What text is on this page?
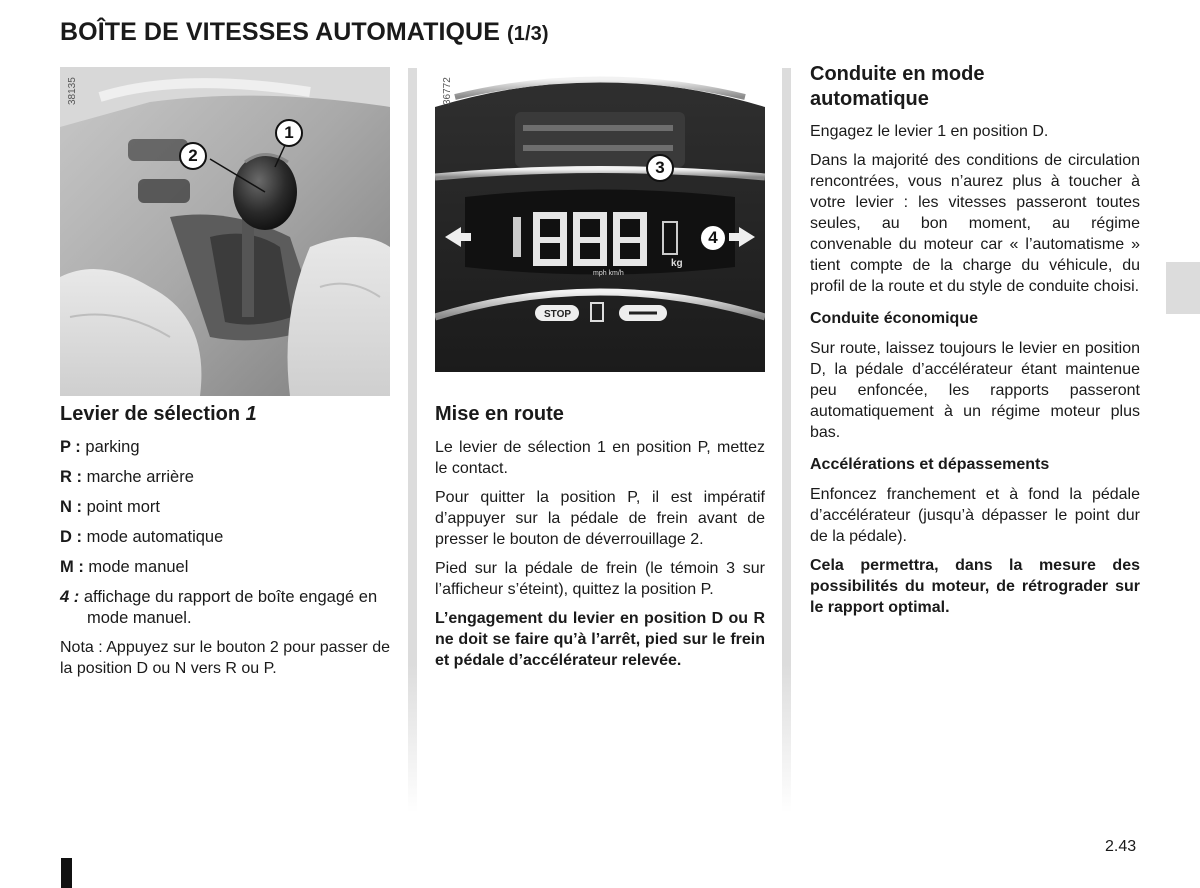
BOÎTE DE VITESSES AUTOMATIQUE (1/3)
38135
1
2
mph km/h
kg
STOP
36772
3
4
Levier de sélection 1
P : parking
R : marche arrière
N : point mort
D : mode automatique
M : mode manuel
4 : affichage du rapport de boîte engagé en mode manuel.

Nota : Appuyez sur le bouton 2 pour passer de la position D ou N vers R ou P.

Mise en route

Le levier de sélection 1 en position P, mettez le contact.

Pour quitter la position P, il est impératif d’appuyer sur la pédale de frein avant de presser le bouton de déverrouillage 2.

Pied sur la pédale de frein (le témoin 3 sur l’afficheur s’éteint), quittez la position P.

L’engagement du levier en position D ou R ne doit se faire qu’à l’arrêt, pied sur le frein et pédale d’accélérateur relevée.

Conduite en mode automatique

Engagez le levier 1 en position D.

Dans la majorité des conditions de circulation rencontrées, vous n’aurez plus à toucher à votre levier : les vitesses passeront toutes seules, au bon moment, au régime convenable du moteur car « l’automatisme » tient compte de la charge du véhicule, du profil de la route et du style de conduite choisi.

Conduite économique

Sur route, laissez toujours le levier en position D, la pédale d’accélérateur étant maintenue peu enfoncée, les rapports passeront automatiquement à un régime moteur plus bas.

Accélérations et dépassements

Enfoncez franchement et à fond la pédale d’accélérateur (jusqu’à dépasser le point dur de la pédale).

Cela permettra, dans la mesure des possibilités du moteur, de rétrograder sur le rapport optimal.

2.43
